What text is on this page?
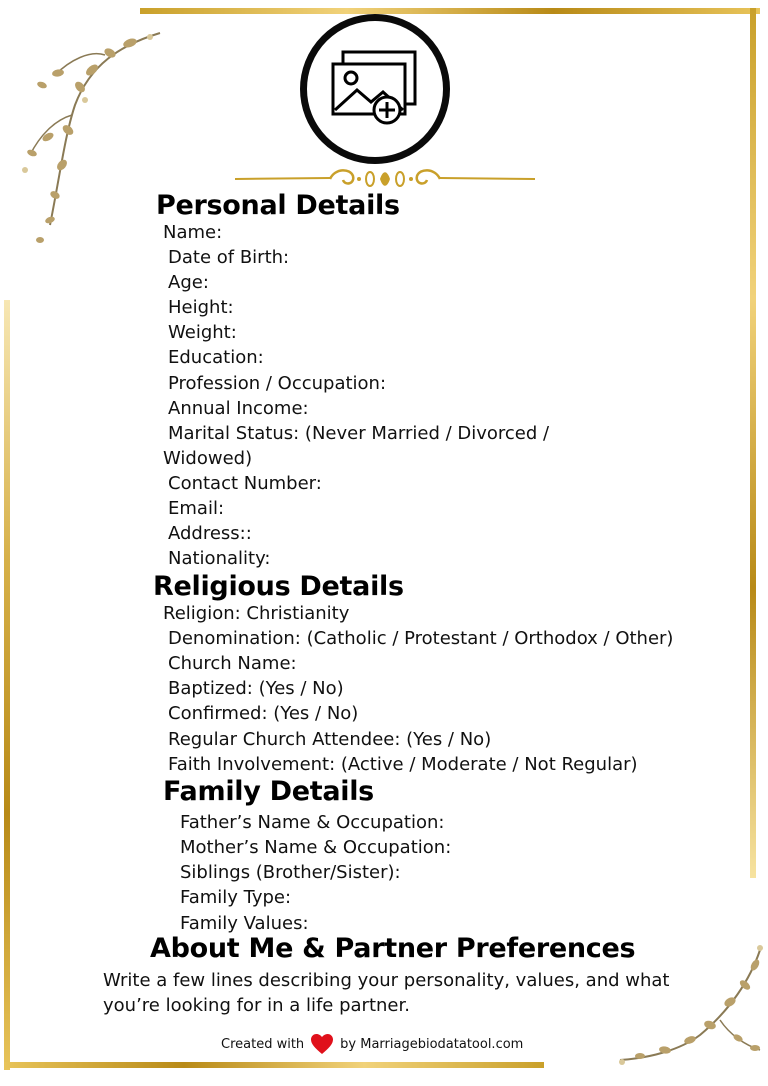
Personal Details
Name:
Date of Birth:
Age:
Height:
Weight:
Education:
Profession / Occupation:
Annual Income:
Marital Status: (Never Married / Divorced /
Widowed)
Contact Number:
Email:
Address::
Nationality:
Religious Details
Religion: Christianity
Denomination: (Catholic / Protestant / Orthodox / Other)
Church Name:
Baptized: (Yes / No)
Confirmed: (Yes / No)
Regular Church Attendee: (Yes / No)
Faith Involvement: (Active / Moderate / Not Regular)
Family Details
Father’s Name & Occupation:
Mother’s Name & Occupation:
Siblings (Brother/Sister):
Family Type:
Family Values:
About Me & Partner Preferences
Write a few lines describing your personality, values, and what you’re looking for in a life partner.
Created with	by Marriagebiodatatool.com
